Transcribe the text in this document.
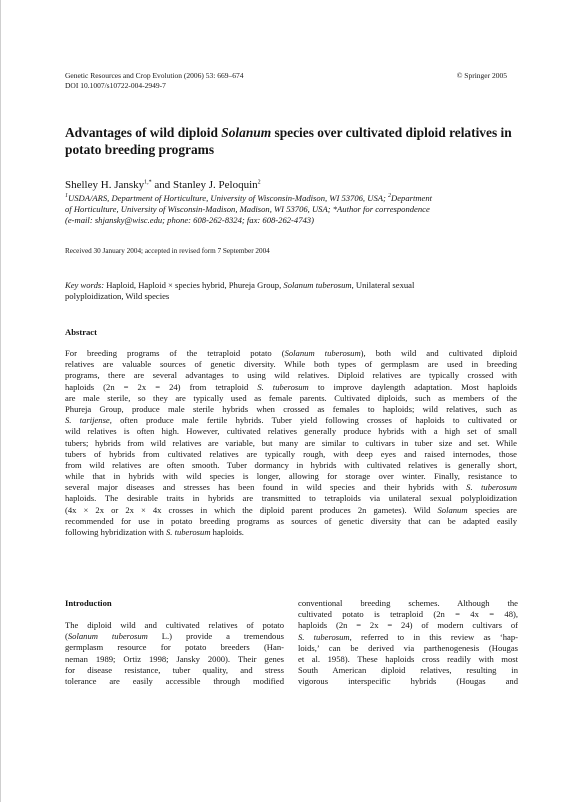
Genetic Resources and Crop Evolution (2006) 53: 669–674
DOI 10.1007/s10722-004-2949-7
© Springer 2005
Advantages of wild diploid Solanum species over cultivated diploid relatives in
potato breeding programs
Shelley H. Jansky$^{1,*}$ and Stanley J. Peloquin$^2$
$^1$USDA/ARS, Department of Horticulture, University of Wisconsin-Madison, WI 53706, USA; $^2$Department
of Horticulture, University of Wisconsin-Madison, Madison, WI 53706, USA; *Author for correspondence
(e-mail: shjansky@wisc.edu; phone: 608-262-8324; fax: 608-262-4743)
Received 30 January 2004; accepted in revised form 7 September 2004
Key words: Haploid, Haploid × species hybrid, Phureja Group, Solanum tuberosum, Unilateral sexual
polyploidization, Wild species
Abstract
For breeding programs of the tetraploid potato (Solanum tuberosum), both wild and cultivated diploid
relatives are valuable sources of genetic diversity. While both types of germplasm are used in breeding
programs, there are several advantages to using wild relatives. Diploid relatives are typically crossed with
haploids (2n = 2x = 24) from tetraploid S. tuberosum to improve daylength adaptation. Most haploids
are male sterile, so they are typically used as female parents. Cultivated diploids, such as members of the
Phureja Group, produce male sterile hybrids when crossed as females to haploids; wild relatives, such as
S. tarijense, often produce male fertile hybrids. Tuber yield following crosses of haploids to cultivated or
wild relatives is often high. However, cultivated relatives generally produce hybrids with a high set of small
tubers; hybrids from wild relatives are variable, but many are similar to cultivars in tuber size and set. While
tubers of hybrids from cultivated relatives are typically rough, with deep eyes and raised internodes, those
from wild relatives are often smooth. Tuber dormancy in hybrids with cultivated relatives is generally short,
while that in hybrids with wild species is longer, allowing for storage over winter. Finally, resistance to
several major diseases and stresses has been found in wild species and their hybrids with S. tuberosum
haploids. The desirable traits in hybrids are transmitted to tetraploids via unilateral sexual polyploidization
(4x × 2x or 2x × 4x crosses in which the diploid parent produces 2n gametes). Wild Solanum species are
recommended for use in potato breeding programs as sources of genetic diversity that can be adapted easily
following hybridization with S. tuberosum haploids.
Introduction
The diploid wild and cultivated relatives of potato
(Solanum tuberosum L.) provide a tremendous
germplasm resource for potato breeders (Han-
neman 1989; Ortiz 1998; Jansky 2000). Their genes
for disease resistance, tuber quality, and stress
tolerance are easily accessible through modified
conventional breeding schemes. Although the
cultivated potato is tetraploid (2n = 4x = 48),
haploids (2n = 2x = 24) of modern cultivars of
S. tuberosum, referred to in this review as ‘hap-
loids,’ can be derived via parthenogenesis (Hougas
et al. 1958). These haploids cross readily with most
South American diploid relatives, resulting in
vigorous interspecific hybrids (Hougas and
